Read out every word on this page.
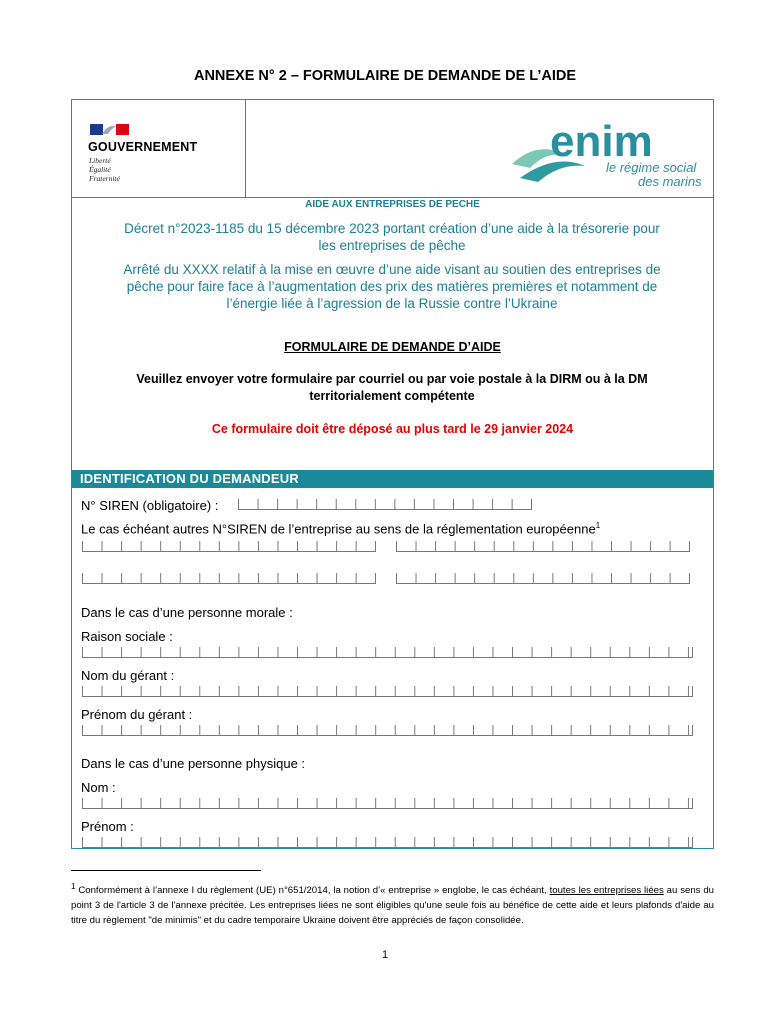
ANNEXE N° 2 – FORMULAIRE DE DEMANDE DE L’AIDE
GOUVERNEMENT
Liberté
Égalité
Fraternité
enim
le régime social
des marins
AIDE AUX ENTREPRISES DE PECHE
Décret n°2023-1185 du 15 décembre 2023 portant création d’une aide à la trésorerie pour
les entreprises de pêche
Arrêté du XXXX relatif à la mise en œuvre d’une aide visant au soutien des entreprises de
pêche pour faire face à l’augmentation des prix des matières premières et notamment de
l’énergie liée à l’agression de la Russie contre l’Ukraine
FORMULAIRE DE DEMANDE D’AIDE
Veuillez envoyer votre formulaire par courriel ou par voie postale à la DIRM ou à la DM
territorialement compétente
Ce formulaire doit être déposé au plus tard le 29 janvier 2024
IDENTIFICATION DU DEMANDEUR
N° SIREN (obligatoire) :
Le cas échéant autres N°SIREN de l’entreprise au sens de la réglementation européenne$^1$
Dans le cas d’une personne morale :
Raison sociale :
Nom du gérant :
Prénom du gérant :
Dans le cas d’une personne physique :
Nom :
Prénom :
$^1$ Conformément à l’annexe I du règlement (UE) n°651/2014, la notion d’« entreprise » englobe, le cas échéant, toutes les entreprises liées au sens du point 3 de l'article 3 de l'annexe précitée. Les entreprises liées ne sont éligibles qu'une seule fois au bénéfice de cette aide et leurs plafonds d'aide au titre du règlement "de minimis" et du cadre temporaire Ukraine doivent être appréciés de façon consolidée.
1
